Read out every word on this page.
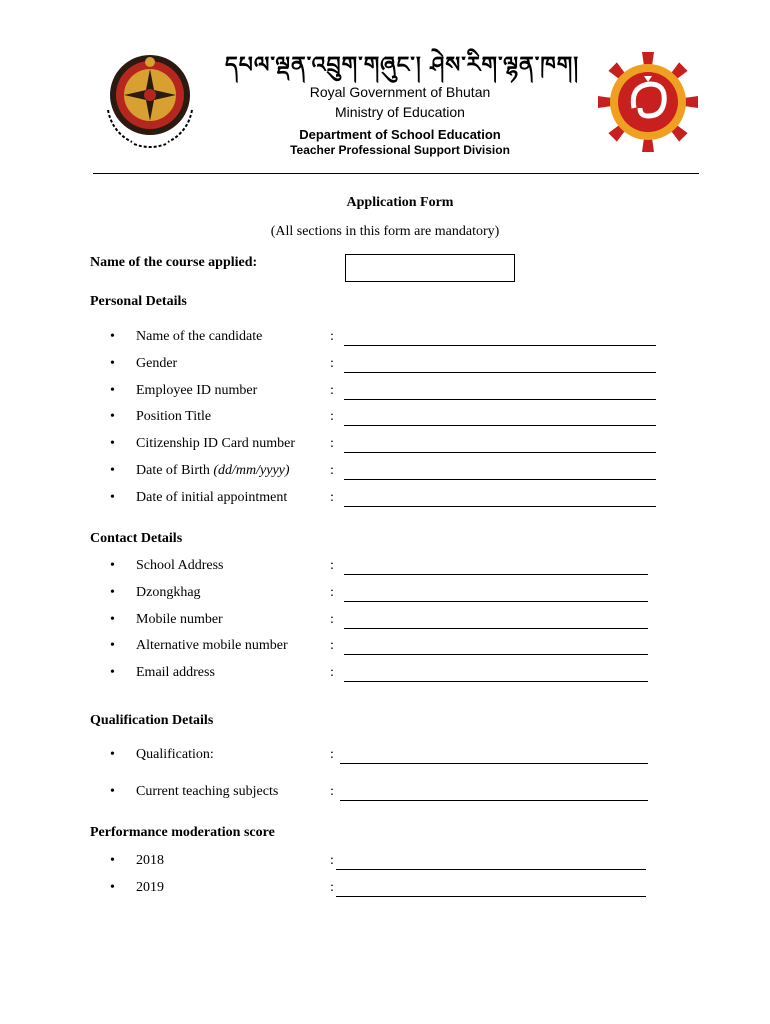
དཔལ་ལྡན་འབྲུག་གཞུང་། ཤེས་རིག་ལྷན་ཁག།
Royal Government of Bhutan
Ministry of Education
Department of School Education
Teacher Professional Support Division
Application Form
(All sections in this form are mandatory)
Name of the course applied:
Personal Details
• Name of the candidate	:
• Gender	:
• Employee ID number	:
• Position Title	:
• Citizenship ID Card number :
• Date of Birth (dd/mm/yyyy)	:
• Date of initial appointment	:
Contact Details
• School Address	:
• Dzongkhag	:
• Mobile number	:
• Alternative mobile number	:
• Email address	:
Qualification Details
• Qualification:	:
• Current teaching subjects	:
Performance moderation score
• 2018	:
• 2019	:
